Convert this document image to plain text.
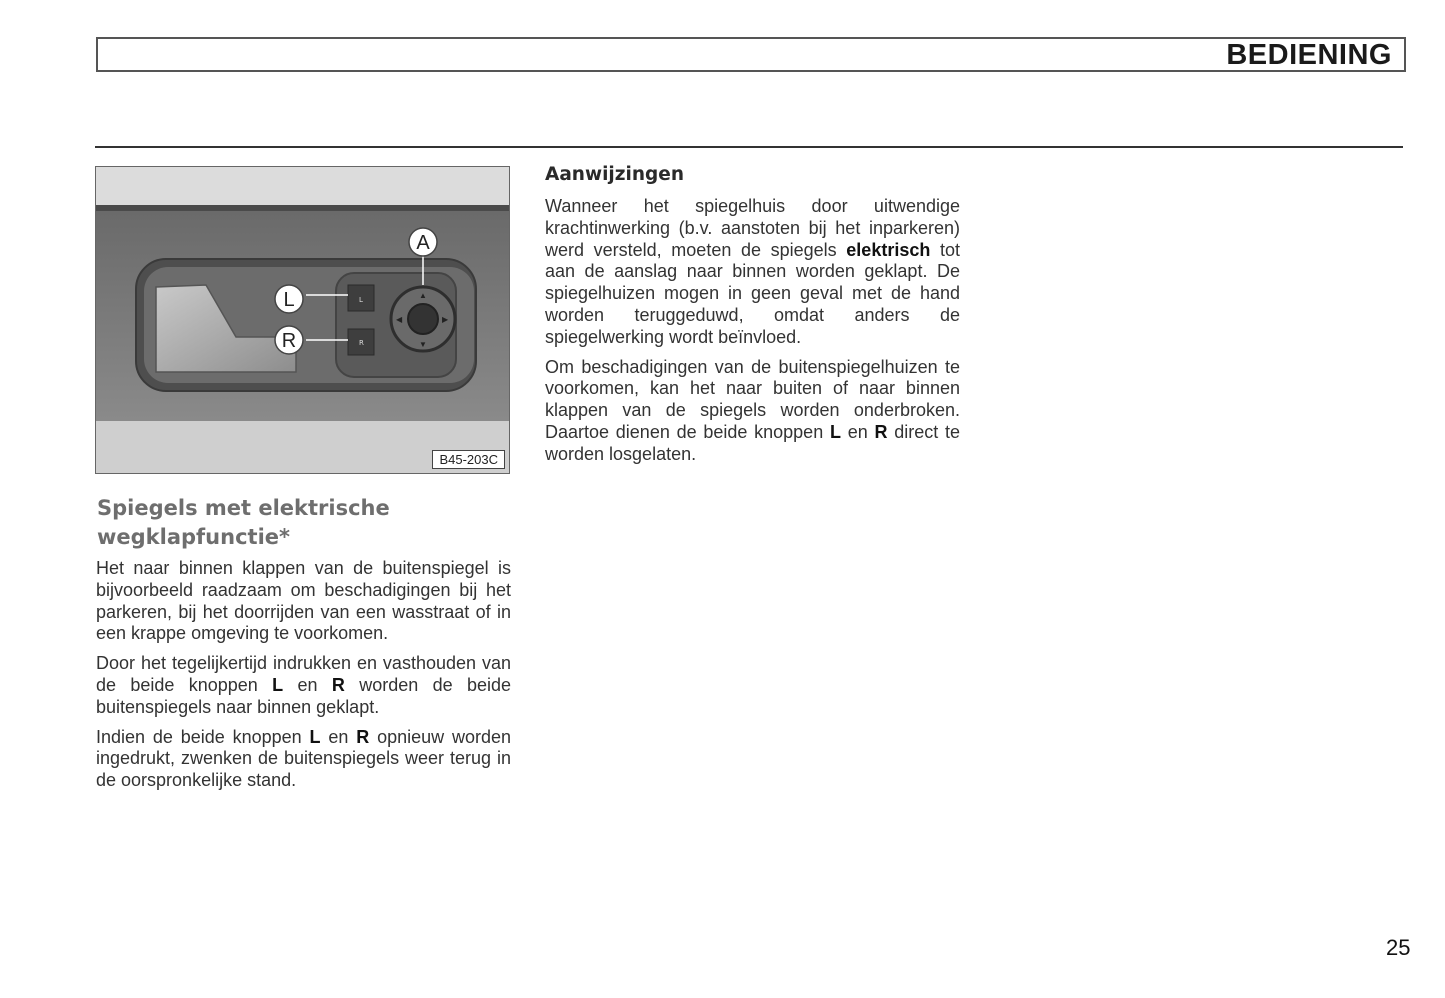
BEDIENING
L
R
▲
▼
◀	▶
A
L
R
B45-203C
Spiegels met elektrische
wegklapfunctie*

Het naar binnen klappen van de buitenspiegel is bijvoorbeeld raadzaam om beschadigingen bij het parkeren, bij het doorrijden van een wasstraat of in een krappe omgeving te voorkomen.

Door het tegelijkertijd indrukken en vasthouden van de beide knoppen L en R worden de beide buitenspiegels naar binnen geklapt.

Indien de beide knoppen L en R opnieuw worden ingedrukt, zwenken de buitenspiegels weer terug in de oorspronkelijke stand.

Aanwijzingen

Wanneer het spiegelhuis door uitwendige krachtinwerking (b.v. aanstoten bij het inparkeren) werd versteld, moeten de spiegels elektrisch tot aan de aanslag naar binnen worden geklapt. De spiegelhuizen mogen in geen geval met de hand worden teruggeduwd, omdat anders de spiegelwerking wordt beïnvloed.

Om beschadigingen van de buitenspiegelhuizen te voorkomen, kan het naar buiten of naar binnen klappen van de spiegels worden onderbroken. Daartoe dienen de beide knoppen L en R direct te worden losgelaten.

25
